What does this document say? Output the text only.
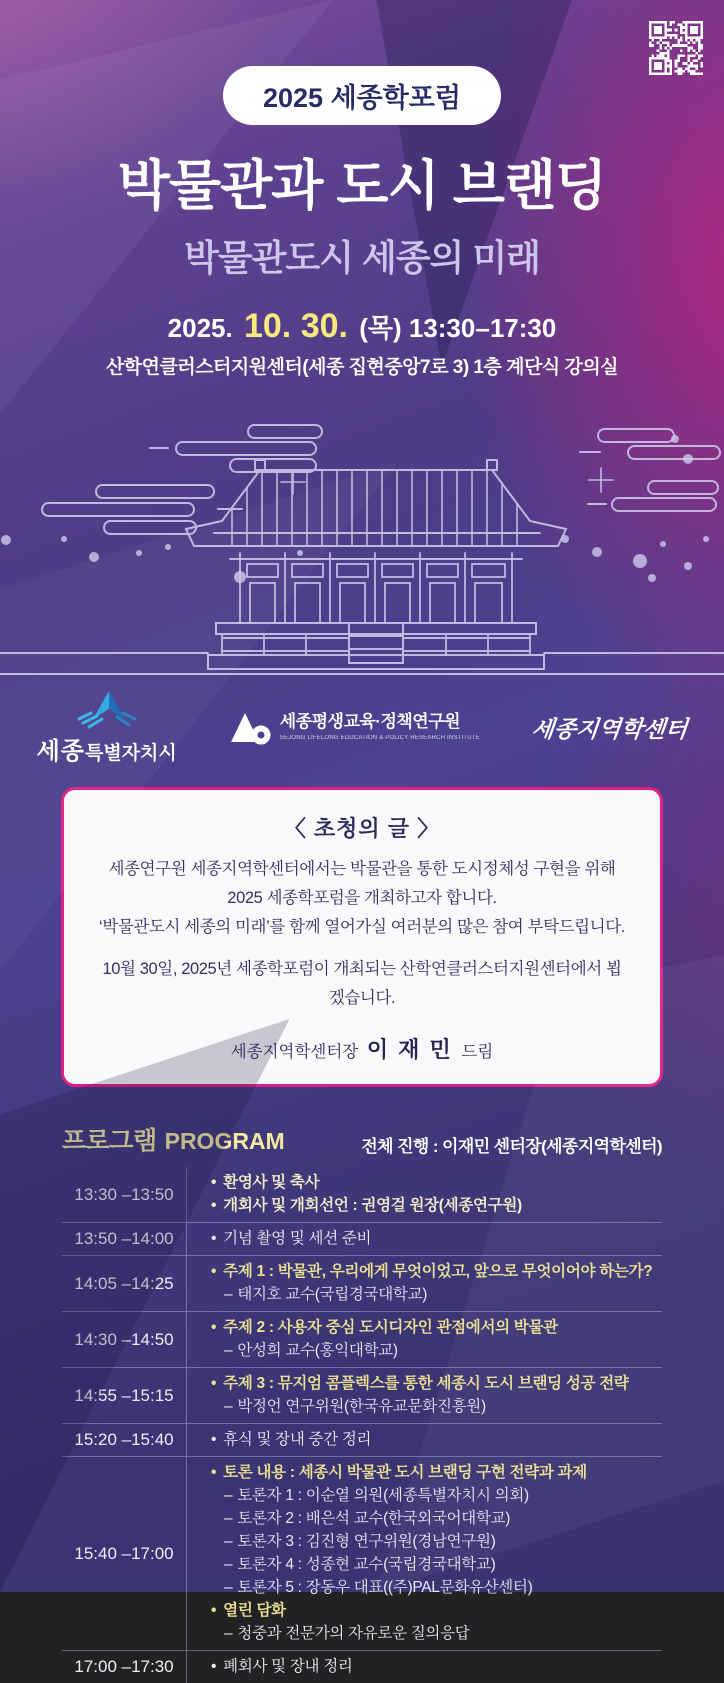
2025 세종학포럼
박물관과 도시 브랜딩
박물관도시 세종의 미래
2025. 10. 30. (목) 13:30–17:30
산학연클러스터지원센터(세종 집현중앙7로 3) 1층 계단식 강의실
세종특별자치시
세종평생교육·정책연구원
SEJONG LIFELONG EDUCATION & POLICY RESEARCH INSTITUTE 세종지역학센터
〈 초청의 글 〉
세종연구원 세종지역학센터에서는 박물관을 통한 도시정체성 구현을 위해
2025 세종학포럼을 개최하고자 합니다.
‘박물관도시 세종의 미래’를 함께 열어가실 여러분의 많은 참여 부탁드립니다.
10월 30일, 2025년 세종학포럼이 개최되는 산학연클러스터지원센터에서 뵙겠습니다.
세종지역학센터장 이 재 민 드림
프로그램 PROGRAM	전체 진행 : 이재민 센터장(세종지역학센터)
13:30 –13:50
• 환영사 및 축사
• 개회사 및 개회선언 : 권영걸 원장(세종연구원)
13:50 –14:00	• 기념 촬영 및 세션 준비
14:05 –14:25
• 주제 1 : 박물관, 우리에게 무엇이었고, 앞으로 무엇이어야 하는가?
– 태지호 교수(국립경국대학교)
14:30 –14:50
• 주제 2 : 사용자 중심 도시디자인 관점에서의 박물관
– 안성희 교수(홍익대학교)
14:55 –15:15
• 주제 3 : 뮤지엄 콤플렉스를 통한 세종시 도시 브랜딩 성공 전략
– 박정언 연구위원(한국유교문화진흥원)
15:20 –15:40	• 휴식 및 장내 중간 정리
15:40 –17:00
• 토론 내용 : 세종시 박물관 도시 브랜딩 구현 전략과 과제
– 토론자 1 : 이순열 의원(세종특별자치시 의회)
– 토론자 2 : 배은석 교수(한국외국어대학교)
– 토론자 3 : 김진형 연구위원(경남연구원)
– 토론자 4 : 성종현 교수(국립경국대학교)
– 토론자 5 : 장동우 대표((주)PAL문화유산센터)
• 열린 담화
– 청중과 전문가의 자유로운 질의응답
17:00 –17:30	• 폐회사 및 장내 정리
